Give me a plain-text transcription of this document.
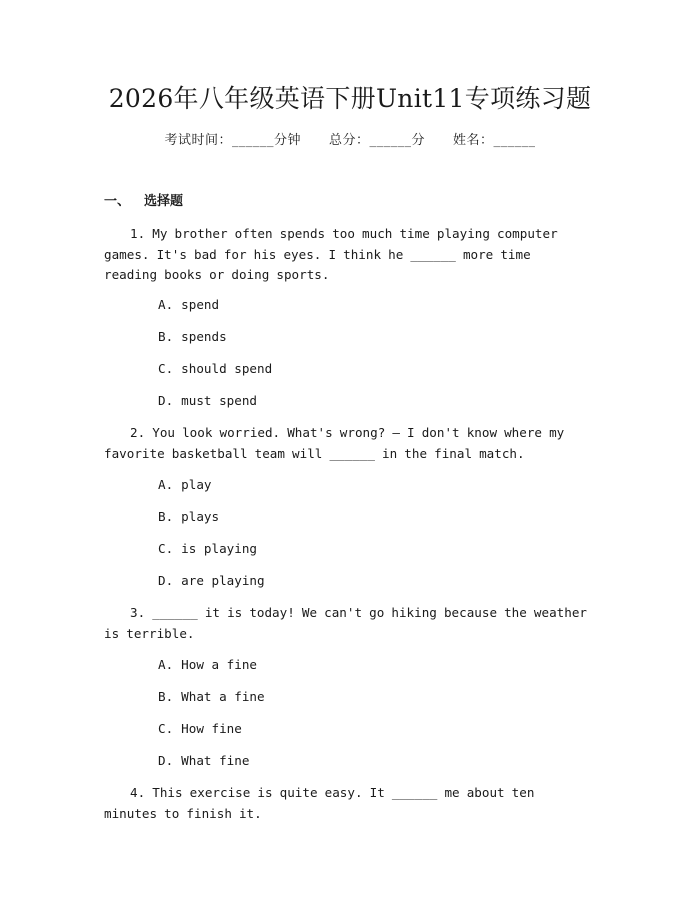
2026年八年级英语下册Unit11专项练习题
考试时间：______分钟 总分：______分 姓名：______
一、 选择题
1. My brother often spends too much time playing computer games. It's bad for his eyes. I think he ______ more time reading books or doing sports.
A. spend
B. spends
C. should spend
D. must spend
2. You look worried. What's wrong? — I don't know where my favorite basketball team will ______ in the final match.
A. play
B. plays
C. is playing
D. are playing
3. ______ it is today! We can't go hiking because the weather is terrible.
A. How a fine
B. What a fine
C. How fine
D. What fine
4. This exercise is quite easy. It ______ me about ten minutes to finish it.
